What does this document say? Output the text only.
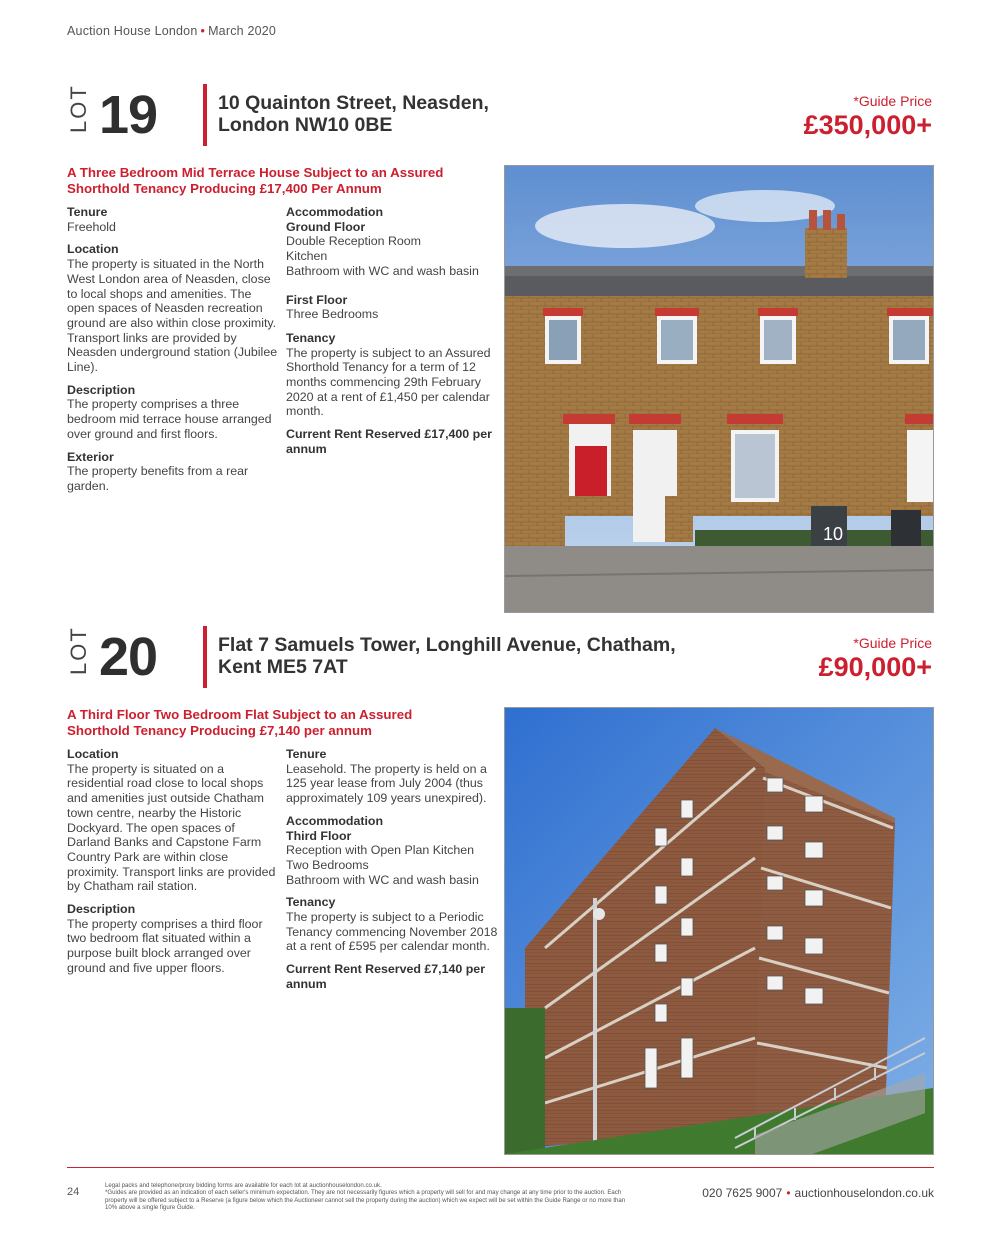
Auction House London • March 2020
LOT 19	10 Quainton Street, Neasden,
London NW10 0BE
*Guide Price
£350,000+
A Three Bedroom Mid Terrace House Subject to an Assured
Shorthold Tenancy Producing £17,400 Per Annum
Tenure

Freehold

Location

The property is situated in the North West London area of Neasden, close to local shops and amenities. The open spaces of Neasden recreation ground are also within close proximity. Transport links are provided by Neasden underground station (Jubilee Line).

Description

The property comprises a three bedroom mid terrace house arranged over ground and first floors.

Exterior

The property benefits from a rear garden.

Accommodation
Ground Floor
Double Reception Room
Kitchen
Bathroom with WC and wash basin
First Floor
Three Bedrooms
Tenancy

The property is subject to an Assured Shorthold Tenancy for a term of 12 months commencing 29th February 2020 at a rent of £1,450 per calendar month.

Current Rent Reserved £17,400 per annum
10
LOT 20	Flat 7 Samuels Tower, Longhill Avenue, Chatham,
Kent ME5 7AT
*Guide Price
£90,000+
A Third Floor Two Bedroom Flat Subject to an Assured
Shorthold Tenancy Producing £7,140 per annum
Location

The property is situated on a residential road close to local shops and amenities just outside Chatham town centre, nearby the Historic Dockyard. The open spaces of Darland Banks and Capstone Farm Country Park are within close proximity. Transport links are provided by Chatham rail station.

Description

The property comprises a third floor two bedroom flat situated within a purpose built block arranged over ground and five upper floors.

Tenure

Leasehold. The property is held on a 125 year lease from July 2004 (thus approximately 109 years unexpired).

Accommodation
Third Floor
Reception with Open Plan Kitchen
Two Bedrooms
Bathroom with WC and wash basin
Tenancy

The property is subject to a Periodic Tenancy commencing November 2018 at a rent of £595 per calendar month.

Current Rent Reserved £7,140 per annum
24
Legal packs and telephone/proxy bidding forms are available for each lot at auctionhouselondon.co.uk.
*Guides are provided as an indication of each seller's minimum expectation. They are not necessarily figures which a property will sell for and may change at any time prior to the auction. Each property will be offered subject to a Reserve (a figure below which the Auctioneer cannot sell the property during the auction) which we expect will be set within the Guide Range or no more than 10% above a single figure Guide.
020 7625 9007 • auctionhouselondon.co.uk
